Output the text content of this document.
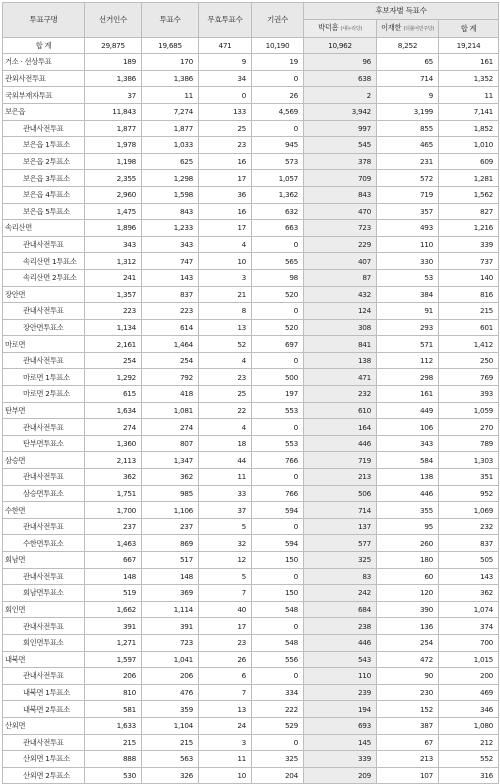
투표구명	선거인수	투표수	무효투표수	기권수	후보자별 득표수		
					박덕흠 (새누리당)	이재한 (더불어민주당)	합 계
합 계	29,875	19,685	471	10,190	10,962	8,252	19,214
거소 · 선상투표	189	170	9	19	96	65	161
관외사전투표	1,386	1,386	34	0	638	714	1,352
국외부재자투표	37	11	0	26	2	9	11
보은읍	11,843	7,274	133	4,569	3,942	3,199	7,141
관내사전투표	1,877	1,877	25	0	997	855	1,852
보은읍 1투표소	1,978	1,033	23	945	545	465	1,010
보은읍 2투표소	1,198	625	16	573	378	231	609
보은읍 3투표소	2,355	1,298	17	1,057	709	572	1,281
보은읍 4투표소	2,960	1,598	36	1,362	843	719	1,562
보은읍 5투표소	1,475	843	16	632	470	357	827
속리산면	1,896	1,233	17	663	723	493	1,216
관내사전투표	343	343	4	0	229	110	339
속리산면 1투표소	1,312	747	10	565	407	330	737
속리산면 2투표소	241	143	3	98	87	53	140
장안면	1,357	837	21	520	432	384	816
관내사전투표	223	223	8	0	124	91	215
장안면투표소	1,134	614	13	520	308	293	601
마로면	2,161	1,464	52	697	841	571	1,412
관내사전투표	254	254	4	0	138	112	250
마로면 1투표소	1,292	792	23	500	471	298	769
마로면 2투표소	615	418	25	197	232	161	393
탄부면	1,634	1,081	22	553	610	449	1,059
관내사전투표	274	274	4	0	164	106	270
탄부면투표소	1,360	807	18	553	446	343	789
삼승면	2,113	1,347	44	766	719	584	1,303
관내사전투표	362	362	11	0	213	138	351
삼승면투표소	1,751	985	33	766	506	446	952
수한면	1,700	1,106	37	594	714	355	1,069
관내사전투표	237	237	5	0	137	95	232
수한면투표소	1,463	869	32	594	577	260	837
회남면	667	517	12	150	325	180	505
관내사전투표	148	148	5	0	83	60	143
회남면투표소	519	369	7	150	242	120	362
회인면	1,662	1,114	40	548	684	390	1,074
관내사전투표	391	391	17	0	238	136	374
회인면투표소	1,271	723	23	548	446	254	700
내북면	1,597	1,041	26	556	543	472	1,015
관내사전투표	206	206	6	0	110	90	200
내북면 1투표소	810	476	7	334	239	230	469
내북면 2투표소	581	359	13	222	194	152	346
산외면	1,633	1,104	24	529	693	387	1,080
관내사전투표	215	215	3	0	145	67	212
산외면 1투표소	888	563	11	325	339	213	552
산외면 2투표소	530	326	10	204	209	107	316
